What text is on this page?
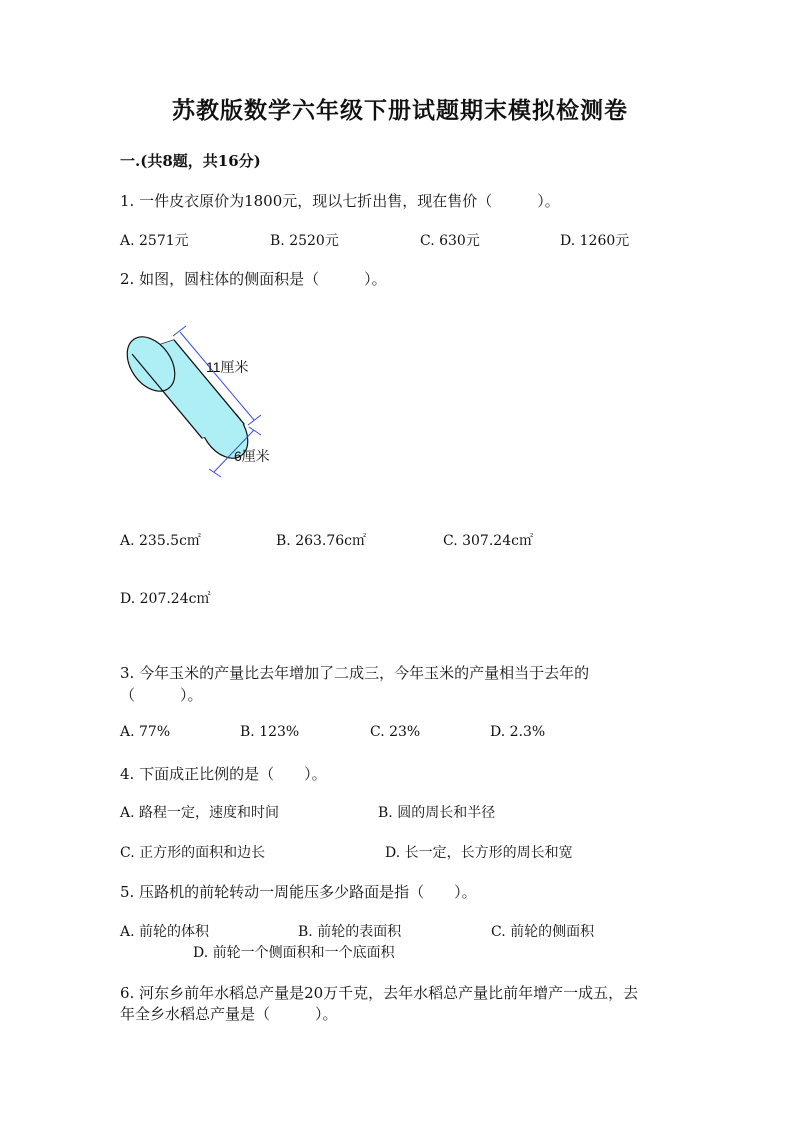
苏教版数学六年级下册试题期末模拟检测卷
一.(共8题，共16分)
1. 一件皮衣原价为1800元，现以七折出售，现在售价（　　　）。
A. 2571元	B. 2520元	C. 630元	D. 1260元
2. 如图，圆柱体的侧面积是（　　　）。
11厘米
6厘米
A. 235.5c㎡	B. 263.76c㎡	C. 307.24c㎡
D. 207.24c㎡
3. 今年玉米的产量比去年增加了二成三，今年玉米的产量相当于去年的
（　　　）。
A. 77%	B. 123%	C. 23%	D. 2.3%
4. 下面成正比例的是（　　）。
A. 路程一定，速度和时间	B. 圆的周长和半径
C. 正方形的面积和边长	D. 长一定，长方形的周长和宽
5. 压路机的前轮转动一周能压多少路面是指（　　）。
A. 前轮的体积	B. 前轮的表面积	C. 前轮的侧面积
D. 前轮一个侧面积和一个底面积
6. 河东乡前年水稻总产量是20万千克，去年水稻总产量比前年增产一成五，去
年全乡水稻总产量是（　　　）。
